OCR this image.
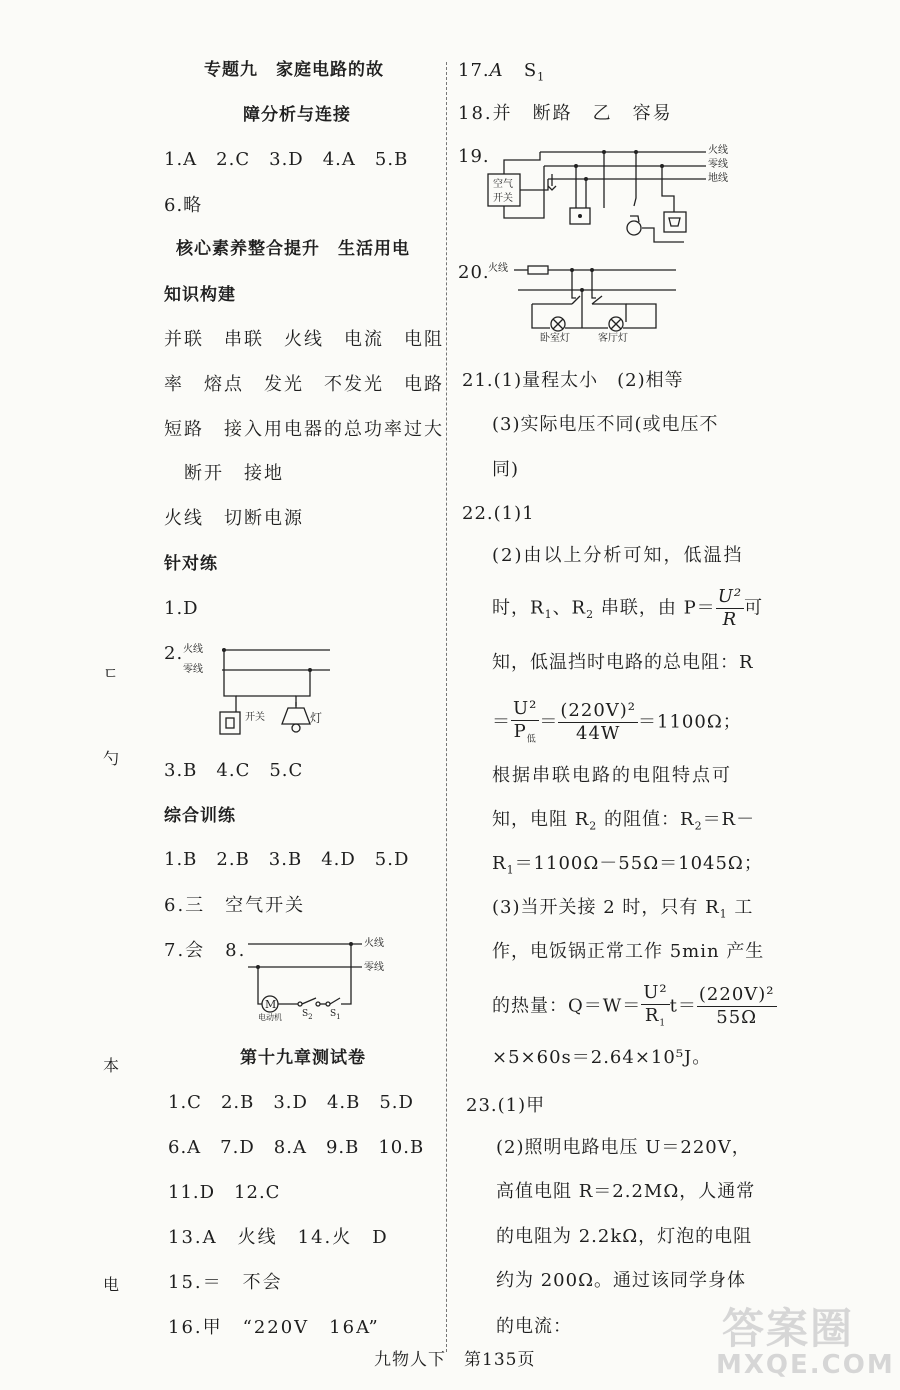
ㄷ
勺
本
电
专题九　家庭电路的故
障分析与连接
1.A　2.C　3.D　4.A　5.B
6.略
核心素养整合提升　生活用电
知识构建
并联　串联　火线　电流　电阻
率　熔点　发光　不发光　电路
短路　接入用电器的总功率过大
断开　接地
火线　切断电源
针对练
1.D
2. 火线
零线
开关	灯
3.B　4.C　5.C
综合训练
1.B　2.B　3.B　4.D　5.D
6.三　空气开关
7.会　8.	火线
零线
M
电动机 $S_2$ $S_1$
第十九章测试卷
1.C　2.B　3.D　4.B　5.D
6.A　7.D　8.A　9.B　10.B
11.D　12.C
13.A　火线　14.火　D
15.＝　不会
16.甲　“220V　16A”
17.A $S_1$
18.并　断路　乙　容易
19.	火线
零线
地线
空气
开关
20.
火线
卧室灯	客厅灯
21.(1)量程太小　(2)相等
(3)实际电压不同(或电压不
同)
22.(1)1
(2)由以上分析可知，低温挡
时，$R_1$、$R_2$ 串联，由 $P= \frac{\text{U²}}{R}$ 可
知，低温挡时电路的总电阻：R
＝ $\frac{\text{U²}}{P_低} = \frac{\text{(220V)²}}{44W} =1100\Omega$；
根据串联电路的电阻特点可
知，电阻 $R_2$ 的阻值：$R_2=R-$
$R_1=1100\Omega-55\Omega=1045\Omega$；
(3)当开关接 2 时，只有 $R_1$ 工
作，电饭锅正常工作 5min 产生
的热量：$Q=W= \frac{\text{U²}}{R_1} t= \frac{\text{(220V)²}}{55\Omega}$
×5×60s＝2.64×10⁵J。
23.(1)甲
(2)照明电路电压 U＝220V，
高值电阻 R＝2.2MΩ，人通常
的电阻为 2.2kΩ，灯泡的电阻
约为 200Ω。通过该同学身体
的电流：	答案圈
MXQE.COM
九物人下　第135页
